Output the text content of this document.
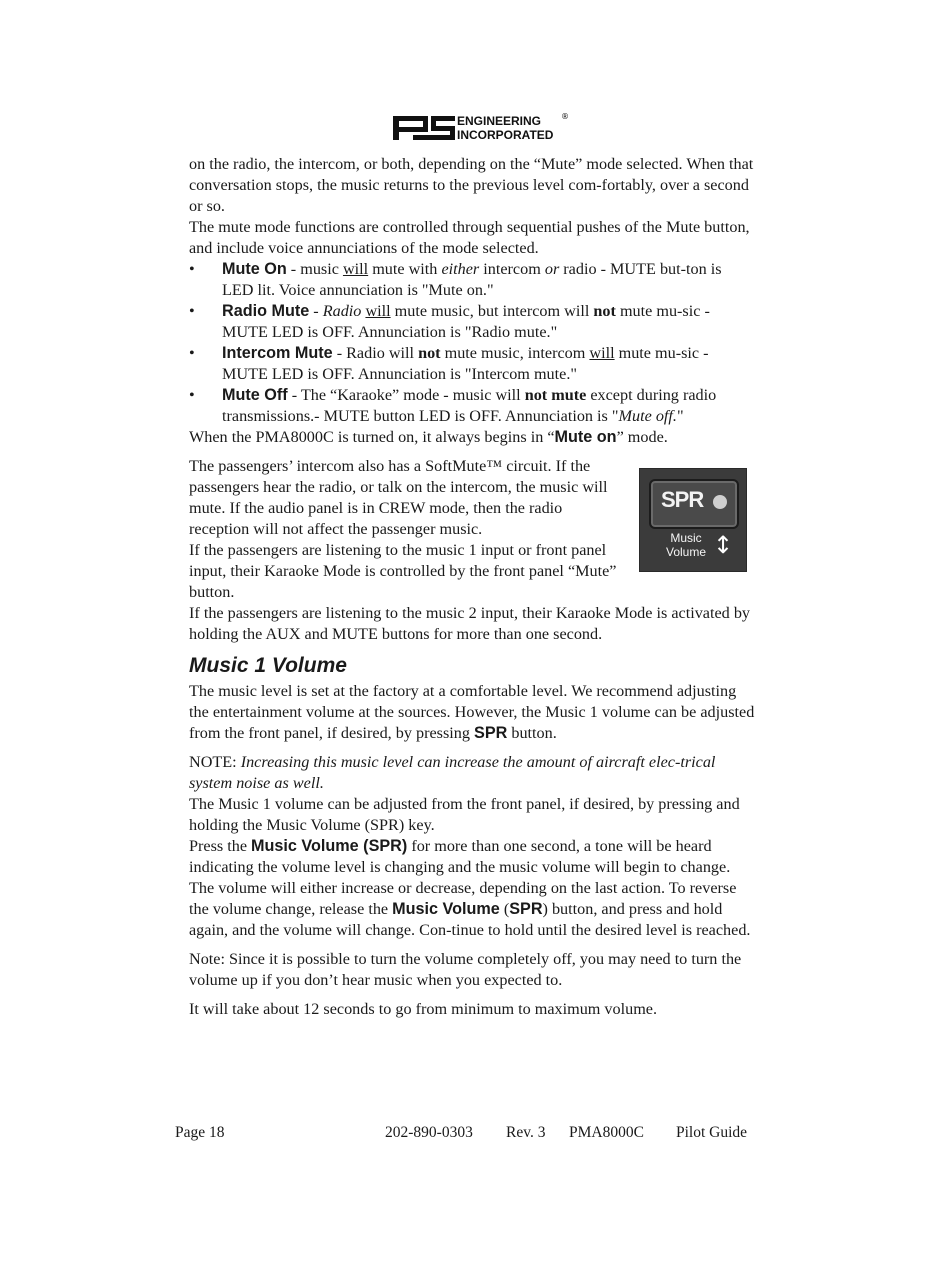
ENGINEERING
INCORPORATED
®

on the radio, the intercom, or both, depending on the “Mute” mode selected. When that conversation stops, the music returns to the previous level com-fortably, over a second or so.

The mute mode functions are controlled through sequential pushes of the Mute button, and include voice annunciations of the mode selected.

• Mute On - music will mute with either intercom or radio - MUTE but-ton is LED lit. Voice annunciation is "Mute on."
• Radio Mute - Radio will mute music, but intercom will not mute mu-sic - MUTE LED is OFF. Annunciation is "Radio mute."
• Intercom Mute - Radio will not mute music, intercom will mute mu-sic - MUTE LED is OFF. Annunciation is "Intercom mute."
• Mute Off - The “Karaoke” mode - music will not mute except during radio transmissions.- MUTE button LED is OFF. Annunciation is "Mute off."

When the PMA8000C is turned on, it always begins in “Mute on” mode.

SPR
Music Volume ↕

The passengers’ intercom also has a SoftMute™ circuit. If the passengers hear the radio, or talk on the intercom, the music will mute. If the audio panel is in CREW mode, then the radio reception will not affect the passenger music.

If the passengers are listening to the music 1 input or front panel input, their Karaoke Mode is controlled by the front panel “Mute” button.

If the passengers are listening to the music 2 input, their Karaoke Mode is activated by holding the AUX and MUTE buttons for more than one second.

Music 1 Volume

The music level is set at the factory at a comfortable level. We recommend adjusting the entertainment volume at the sources. However, the Music 1 volume can be adjusted from the front panel, if desired, by pressing SPR button.

NOTE: Increasing this music level can increase the amount of aircraft elec-trical system noise as well.

The Music 1 volume can be adjusted from the front panel, if desired, by pressing and holding the Music Volume (SPR) key.

Press the Music Volume (SPR) for more than one second, a tone will be heard indicating the volume level is changing and the music volume will begin to change. The volume will either increase or decrease, depending on the last action. To reverse the volume change, release the Music Volume (SPR) button, and press and hold again, and the volume will change. Con-tinue to hold until the desired level is reached.

Note: Since it is possible to turn the volume completely off, you may need to turn the volume up if you don’t hear music when you expected to.

It will take about 12 seconds to go from minimum to maximum volume.

Page 18	202-890-0303 Rev. 3 PMA8000C Pilot Guide
